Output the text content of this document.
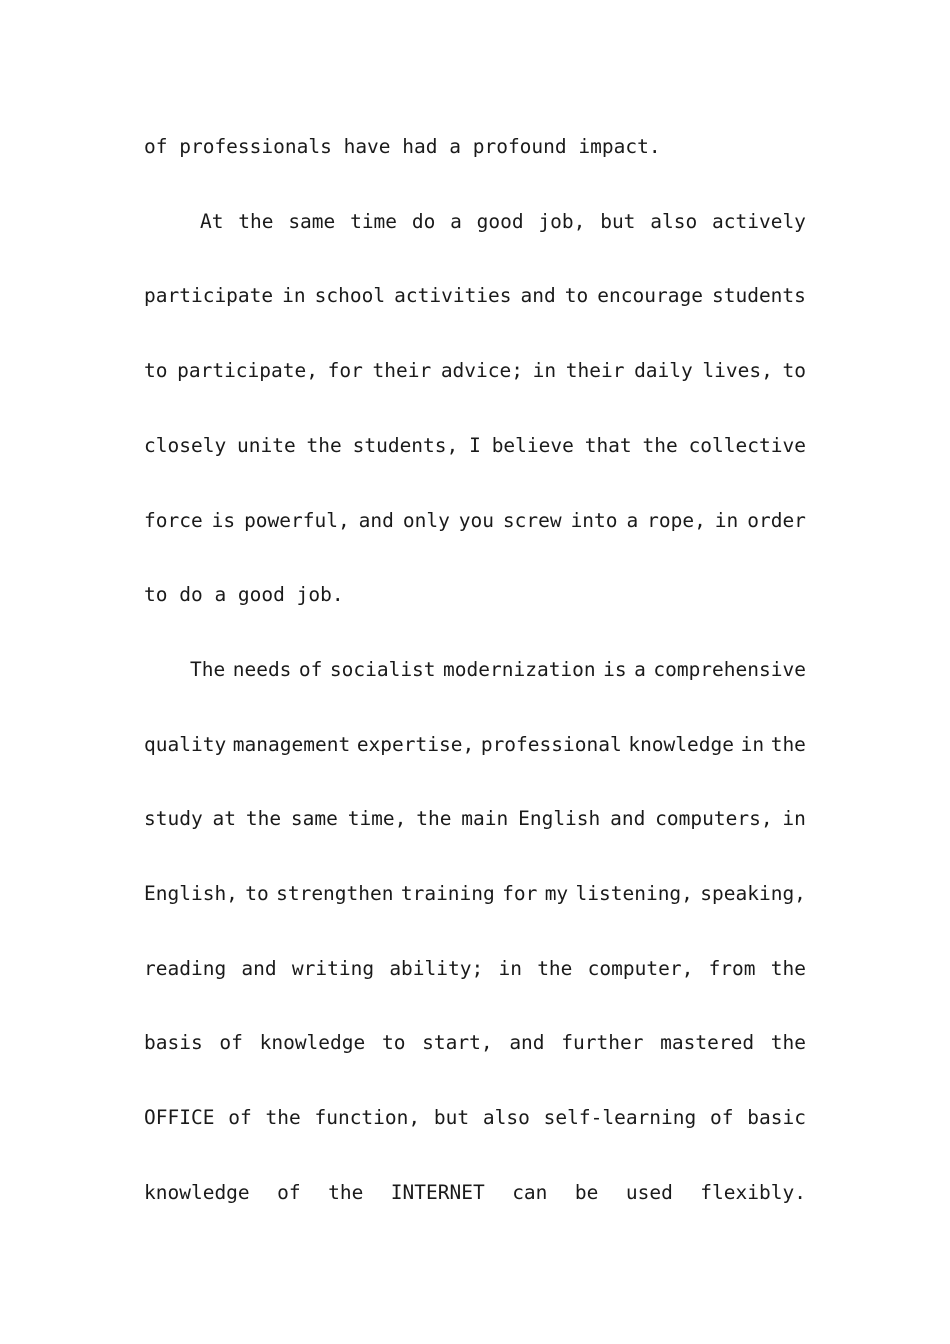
of professionals have had a profound impact.
At the same time do a good job, but also actively
participate in school activities and to encourage students
to participate, for their advice; in their daily lives, to
closely unite the students, I believe that the collective
force is powerful, and only you screw into a rope, in order
to do a good job.
The needs of socialist modernization is a comprehensive
quality management expertise, professional knowledge in the
study at the same time, the main English and computers, in
English, to strengthen training for my listening, speaking,
reading and writing ability; in the computer, from the
basis of knowledge to start, and further mastered the
OFFICE of the function, but also self-learning of basic
knowledge of the INTERNET can be used flexibly.
